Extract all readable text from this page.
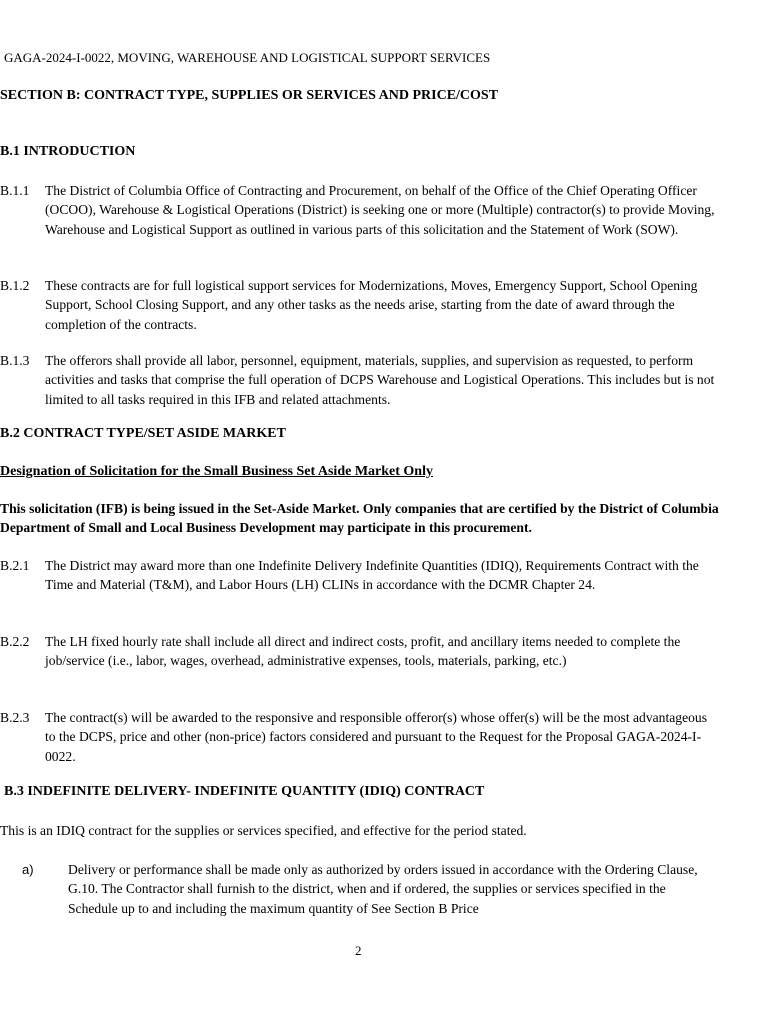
GAGA-2024-I-0022, MOVING, WAREHOUSE AND LOGISTICAL SUPPORT SERVICES

SECTION B: CONTRACT TYPE, SUPPLIES OR SERVICES AND PRICE/COST

B.1 INTRODUCTION

B.1.1 The District of Columbia Office of Contracting and Procurement, on behalf of the Office of the Chief Operating Officer (OCOO), Warehouse & Logistical Operations (District) is seeking one or more (Multiple) contractor(s) to provide Moving, Warehouse and Logistical Support as outlined in various parts of this solicitation and the Statement of Work (SOW).
B.1.2 These contracts are for full logistical support services for Modernizations, Moves, Emergency Support, School Opening Support, School Closing Support, and any other tasks as the needs arise, starting from the date of award through the completion of the contracts.
B.1.3 The offerors shall provide all labor, personnel, equipment, materials, supplies, and supervision as requested, to perform activities and tasks that comprise the full operation of DCPS Warehouse and Logistical Operations. This includes but is not limited to all tasks required in this IFB and related attachments.

B.2 CONTRACT TYPE/SET ASIDE MARKET

Designation of Solicitation for the Small Business Set Aside Market Only

This solicitation (IFB) is being issued in the Set-Aside Market. Only companies that are certified by the District of Columbia Department of Small and Local Business Development may participate in this procurement.
B.2.1 The District may award more than one Indefinite Delivery Indefinite Quantities (IDIQ), Requirements Contract with the Time and Material (T&M), and Labor Hours (LH) CLINs in accordance with the DCMR Chapter 24.
B.2.2 The LH fixed hourly rate shall include all direct and indirect costs, profit, and ancillary items needed to complete the job/service (i.e., labor, wages, overhead, administrative expenses, tools, materials, parking, etc.)
B.2.3 The contract(s) will be awarded to the responsive and responsible offeror(s) whose offer(s) will be the most advantageous to the DCPS, price and other (non-price) factors considered and pursuant to the Request for the Proposal GAGA-2024-I-0022.

B.3 INDEFINITE DELIVERY- INDEFINITE QUANTITY (IDIQ) CONTRACT

This is an IDIQ contract for the supplies or services specified, and effective for the period stated.

a)	Delivery or performance shall be made only as authorized by orders issued in accordance with the Ordering Clause, G.10. The Contractor shall furnish to the district, when and if ordered, the supplies or services specified in the Schedule up to and including the maximum quantity of See Section B Price

2
